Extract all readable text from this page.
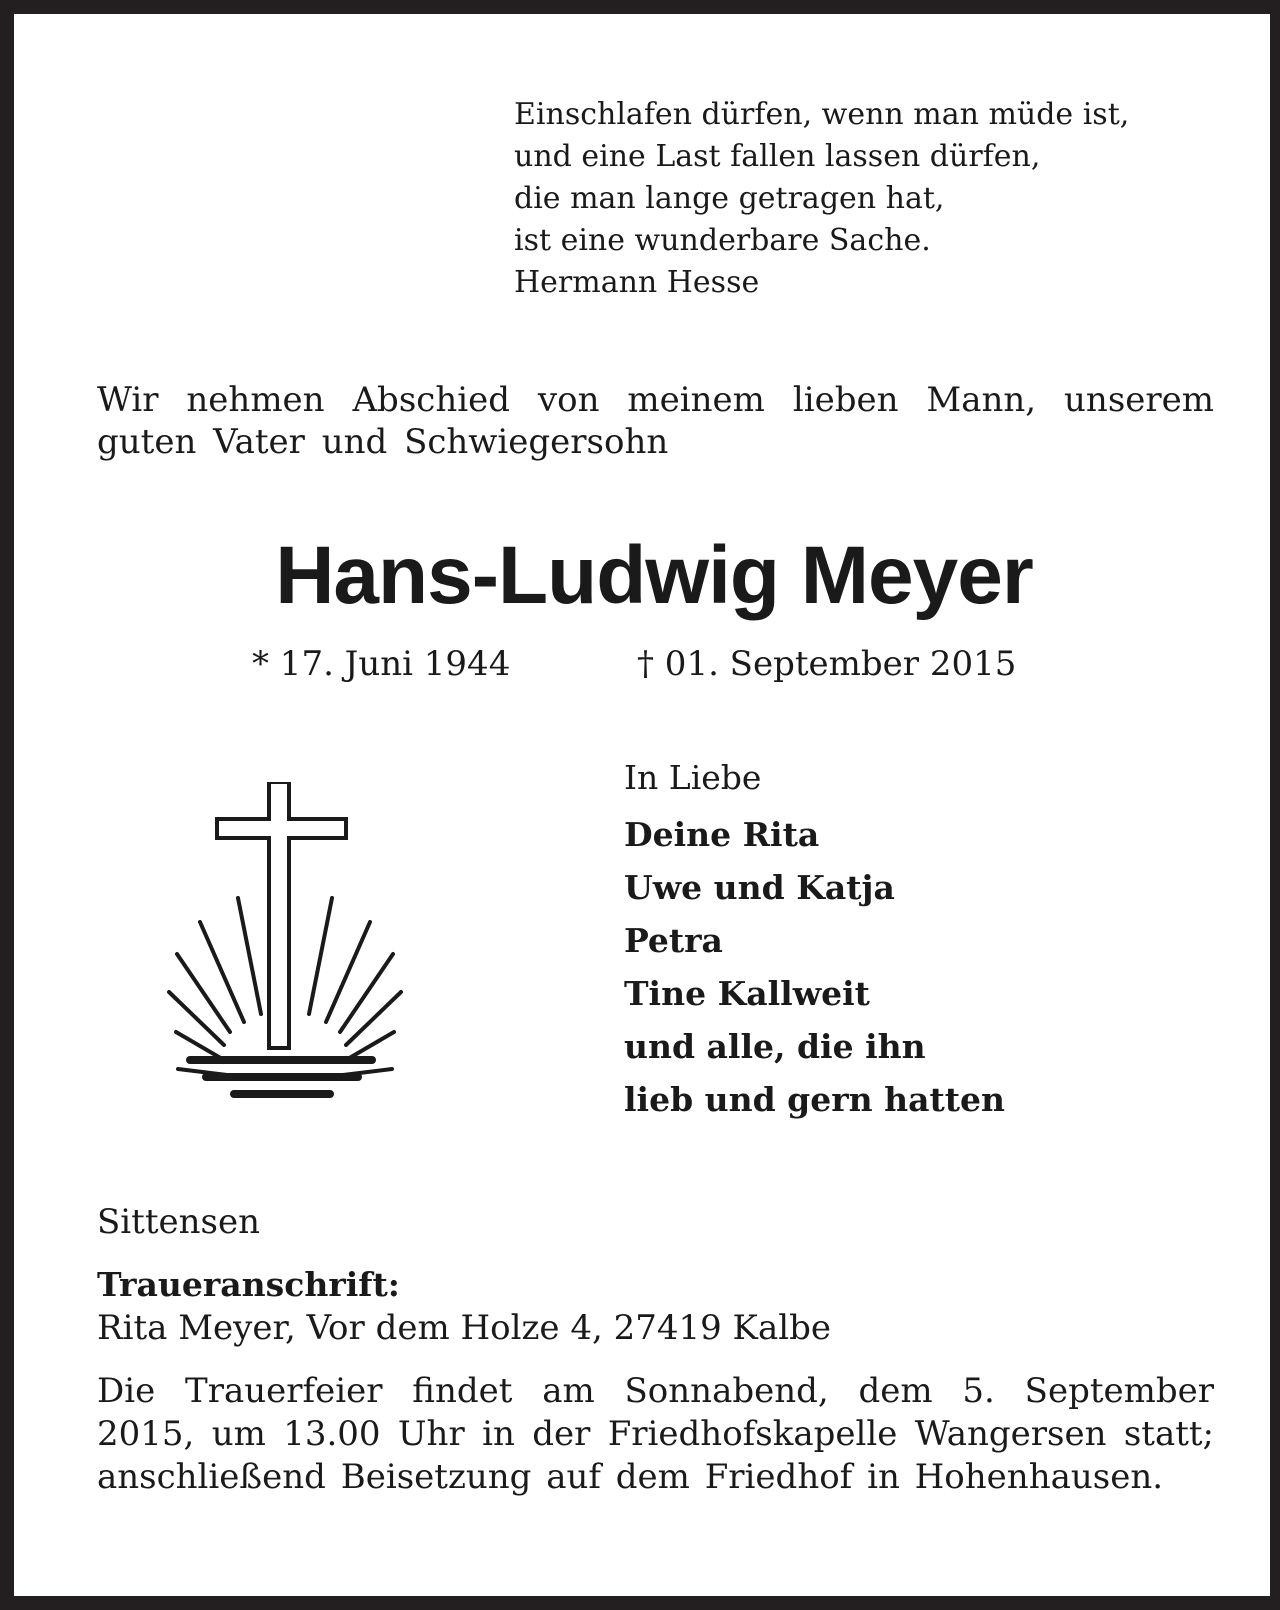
Einschlafen dürfen, wenn man müde ist,
und eine Last fallen lassen dürfen,
die man lange getragen hat,
ist eine wunderbare Sache.
Hermann Hesse
Wir nehmen Abschied von meinem lieben Mann, unserem guten Vater und Schwiegersohn
Hans-Ludwig Meyer
* 17. Juni 1944	† 01. September 2015
In Liebe
Deine Rita
Uwe und Katja
Petra
Tine Kallweit
und alle, die ihn
lieb und gern hatten
Sittensen
Traueranschrift:
Rita Meyer, Vor dem Holze 4, 27419 Kalbe
Die Trauerfeier findet am Sonnabend, dem 5. September 2015, um 13.00 Uhr in der Friedhofskapelle Wangersen statt; anschließend Beisetzung auf dem Friedhof in Hohenhausen.
